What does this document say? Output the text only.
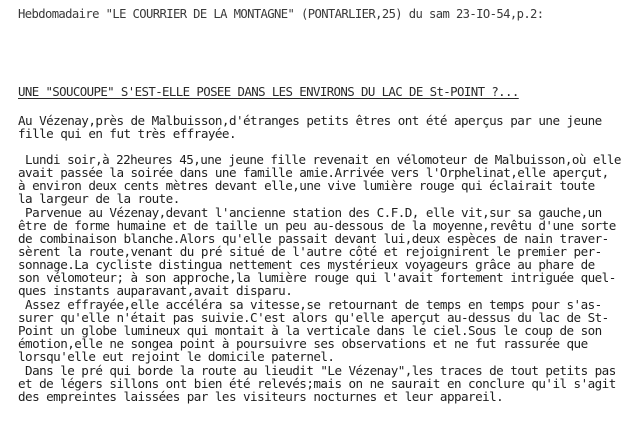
Hebdomadaire "LE COURRIER DE LA MONTAGNE" (PONTARLIER,25) du sam 23-IO-54,p.2:
UNE "SOUCOUPE" S'EST-ELLE POSEE DANS LES ENVIRONS DU LAC DE St-POINT ?...
Au Vézenay,près de Malbuisson,d'étranges petits êtres ont été aperçus par une jeune
fille qui en fut très effrayée.
Lundi soir,à 22heures 45,une jeune fille revenait en vélomoteur de Malbuisson,où elle
avait passée la soirée dans une famille amie.Arrivée vers l'Orphelinat,elle aperçut,
à environ deux cents mètres devant elle,une vive lumière rouge qui éclairait toute
la largeur de la route.
Parvenue au Vézenay,devant l'ancienne station des C.F.D, elle vit,sur sa gauche,un
être de forme humaine et de taille un peu au-dessous de la moyenne,revêtu d'une sorte
de combinaison blanche.Alors qu'elle passait devant lui,deux espèces de nain traver-
sèrent la route,venant du pré situé de l'autre côté et rejoignirent le premier per-
sonnage.La cycliste distingua nettement ces mystérieux voyageurs grâce au phare de
son vélomoteur; à son approche,la lumière rouge qui l'avait fortement intriguée quel-
ques instants auparavant,avait disparu.
Assez effrayée,elle accéléra sa vitesse,se retournant de temps en temps pour s'as-
surer qu'elle n'était pas suivie.C'est alors qu'elle aperçut au-dessus du lac de St-
Point un globe lumineux qui montait à la verticale dans le ciel.Sous le coup de son
émotion,elle ne songea point à poursuivre ses observations et ne fut rassurée que
lorsqu'elle eut rejoint le domicile paternel.
Dans le pré qui borde la route au lieudit "Le Vézenay",les traces de tout petits pas
et de légers sillons ont bien été relevés;mais on ne saurait en conclure qu'il s'agit
des empreintes laissées par les visiteurs nocturnes et leur appareil.
